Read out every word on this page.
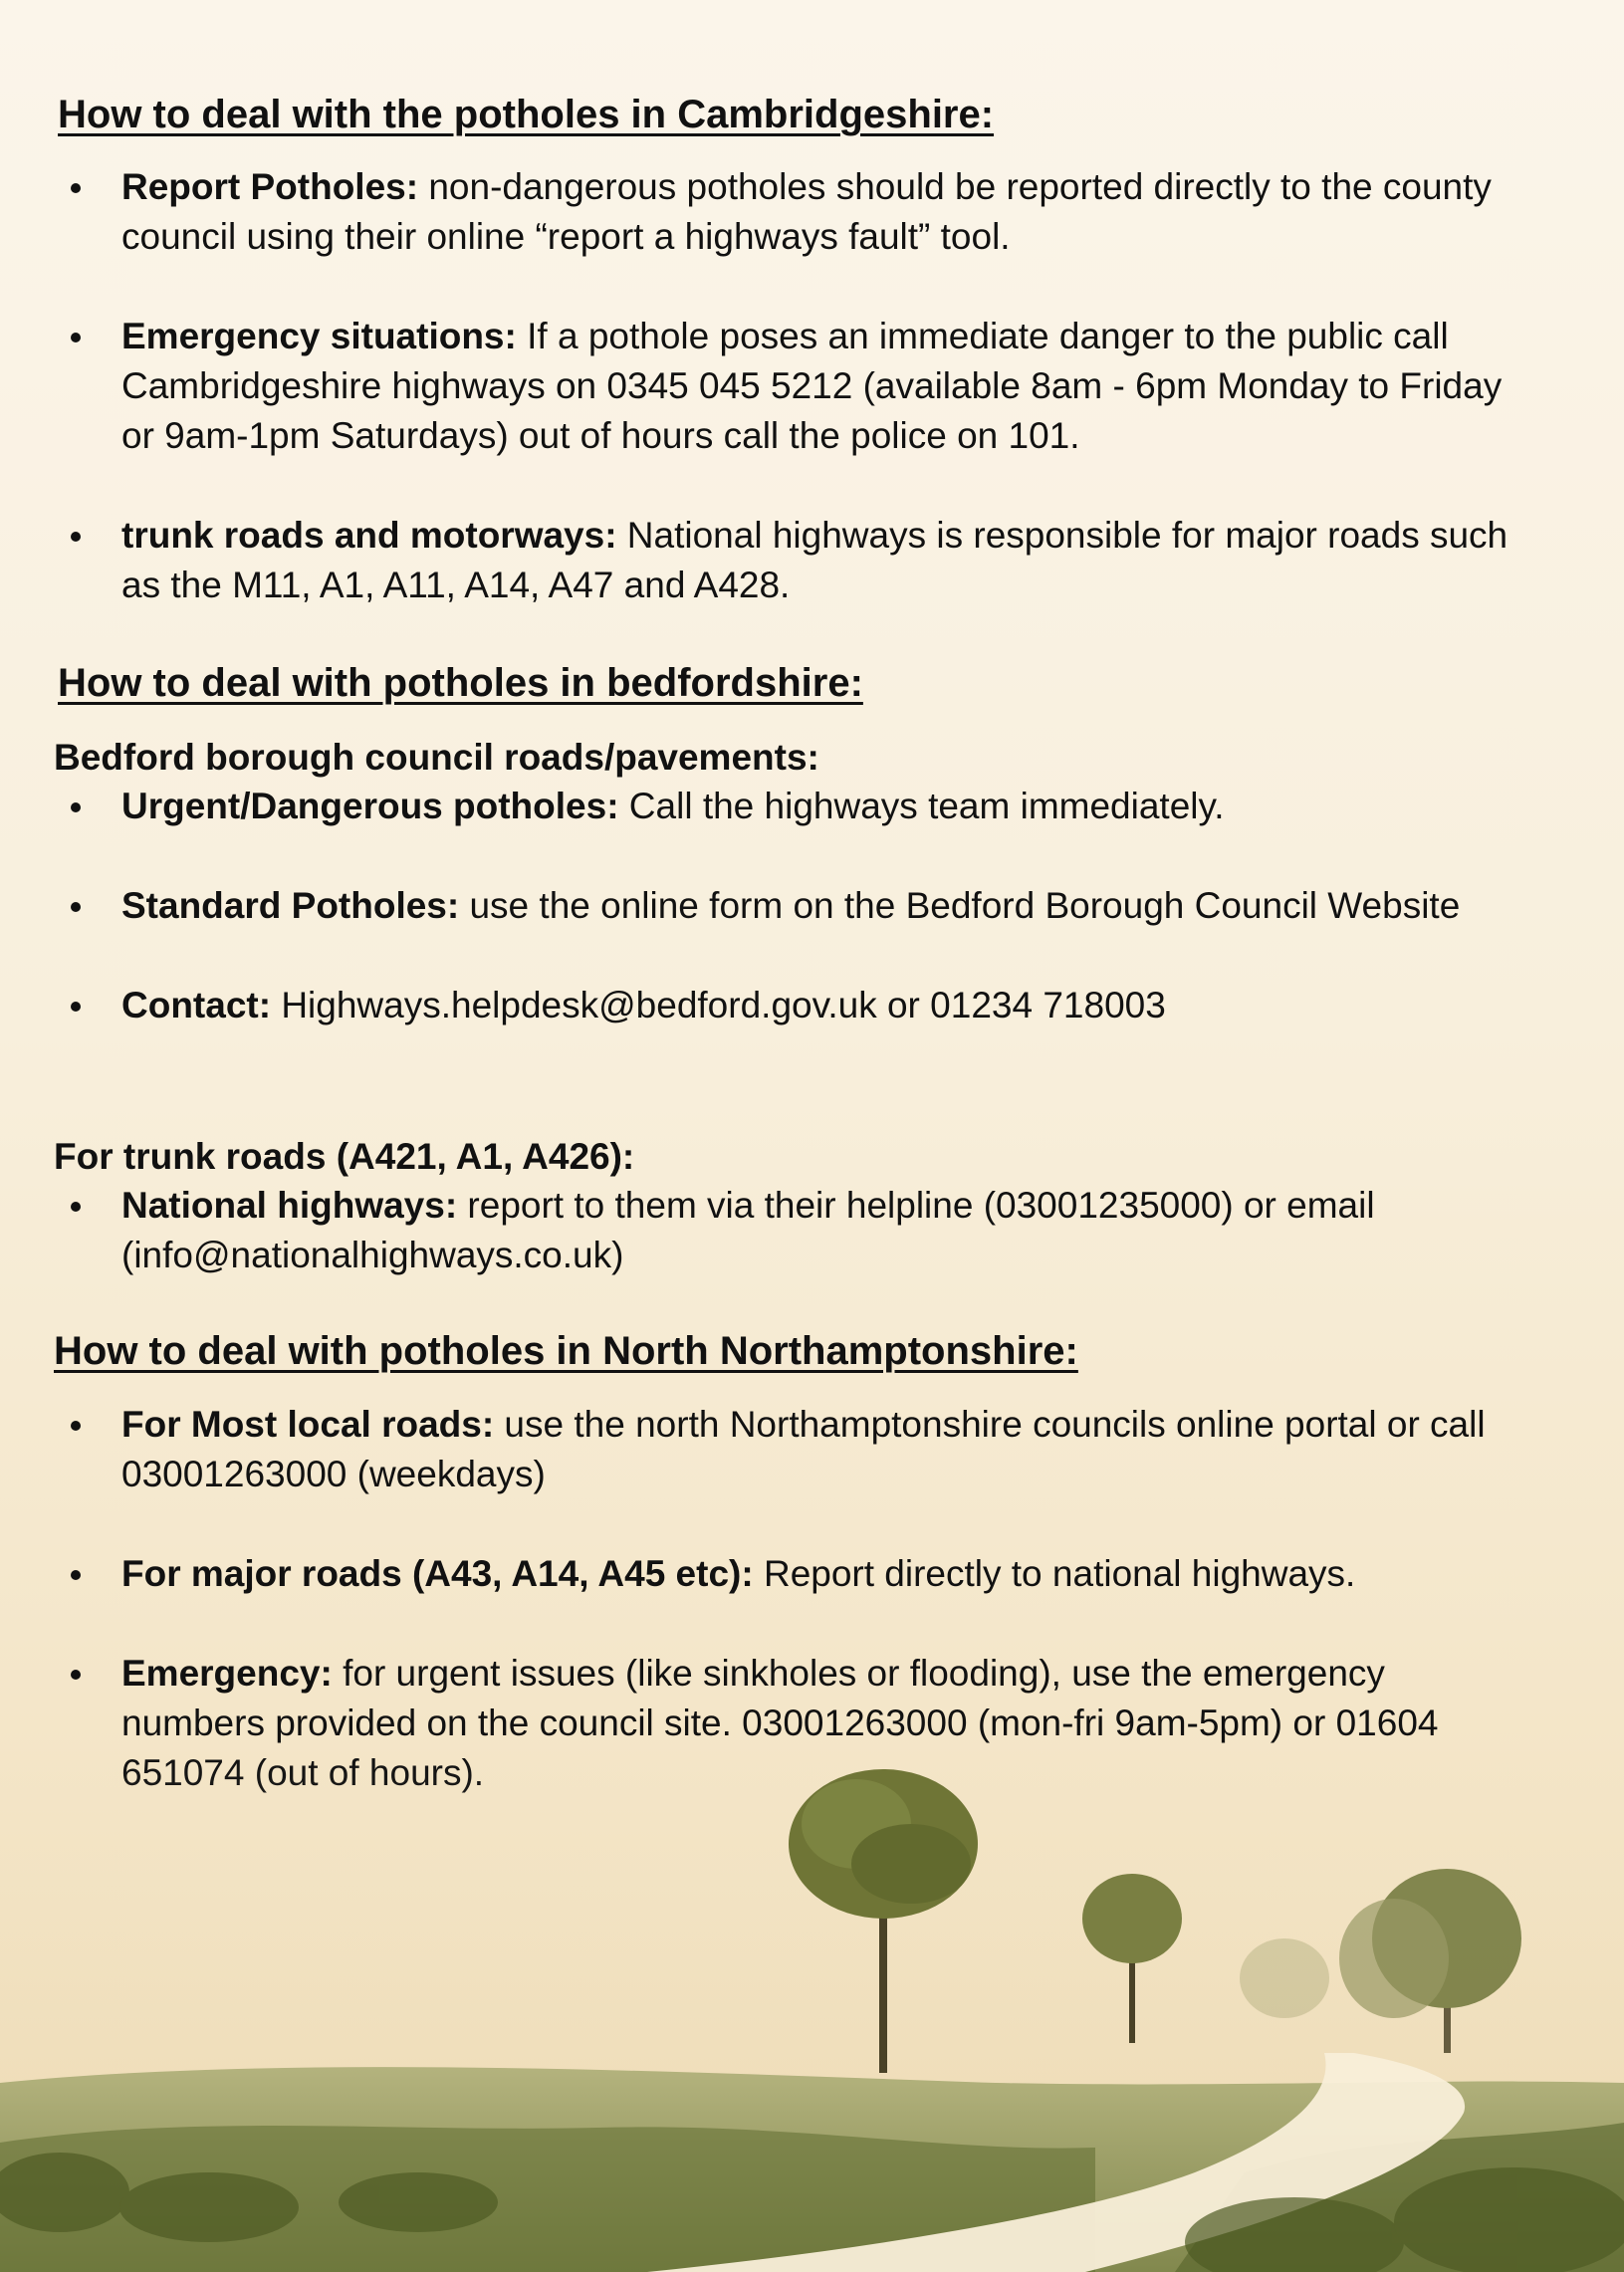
How to deal with the potholes in Cambridgeshire:
Report Potholes: non-dangerous potholes should be reported directly to the county council using their online “report a highways fault” tool.
Emergency situations: If a pothole poses an immediate danger to the public call Cambridgeshire highways on 0345 045 5212 (available 8am - 6pm Monday to Friday or 9am-1pm Saturdays) out of hours call the police on 101.
trunk roads and motorways: National highways is responsible for major roads such as the M11, A1, A11, A14, A47 and A428.
How to deal with potholes in bedfordshire:
Bedford borough council roads/pavements:
Urgent/Dangerous potholes: Call the highways team immediately.
Standard Potholes: use the online form on the Bedford Borough Council Website
Contact: Highways.helpdesk@bedford.gov.uk or 01234 718003
For trunk roads (A421, A1, A426):
National highways: report to them via their helpline (03001235000) or email (info@nationalhighways.co.uk)
How to deal with potholes in North Northamptonshire:
For Most local roads: use the north Northamptonshire councils online portal or call 03001263000 (weekdays)
For major roads (A43, A14, A45 etc): Report directly to national highways.
Emergency: for urgent issues (like sinkholes or flooding), use the emergency numbers provided on the council site. 03001263000 (mon-fri 9am-5pm) or 01604
